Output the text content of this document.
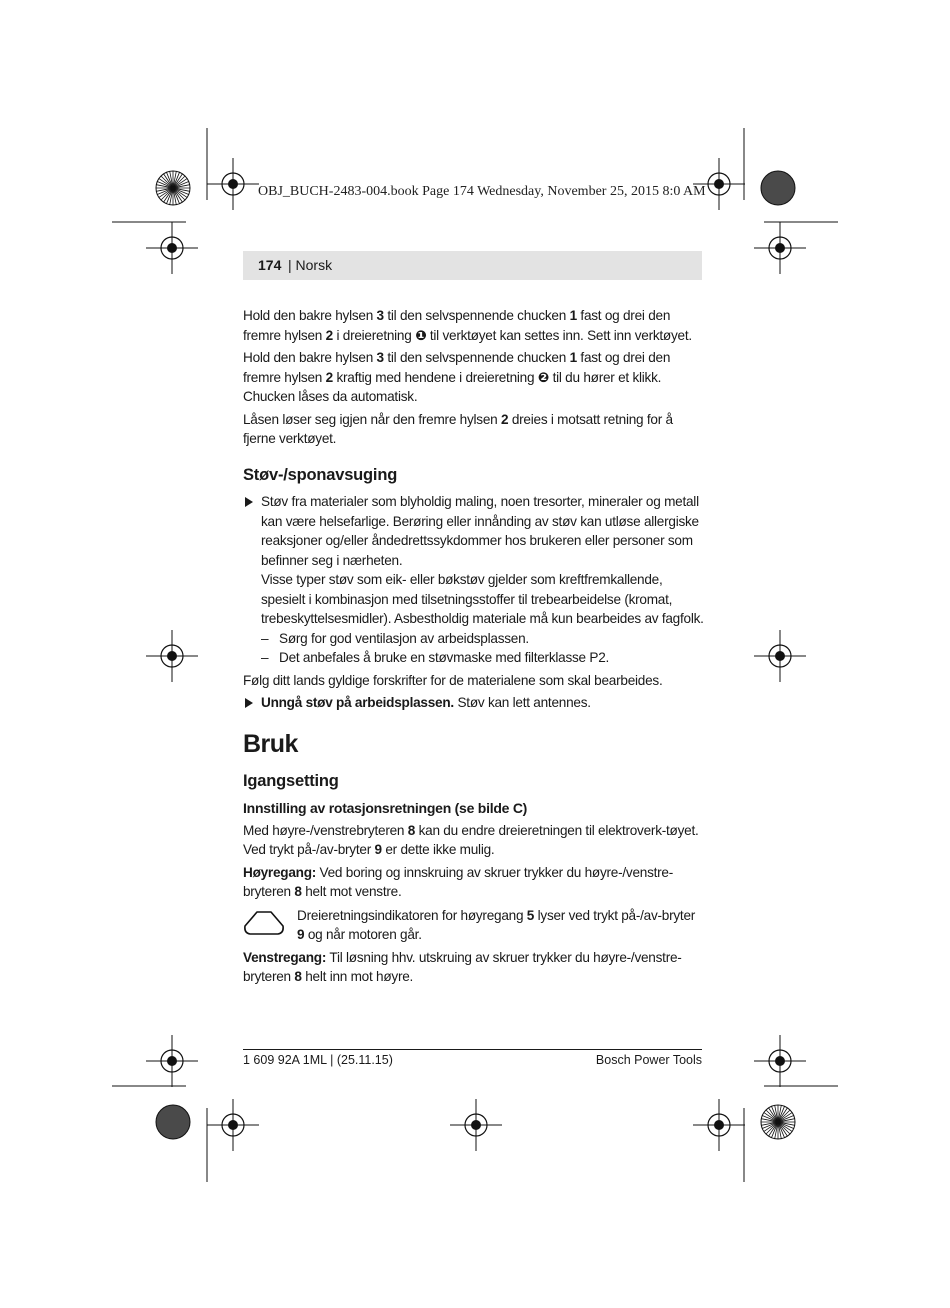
OBJ_BUCH-2483-004.book Page 174 Wednesday, November 25, 2015 8:0 AM
174 | Norsk

Hold den bakre hylsen 3 til den selvspennende chucken 1 fast og drei den fremre hylsen 2 i dreieretning ❶ til verktøyet kan settes inn. Sett inn verktøyet.

Hold den bakre hylsen 3 til den selvspennende chucken 1 fast og drei den fremre hylsen 2 kraftig med hendene i dreieretning ❷ til du hører et klikk. Chucken låses da automatisk.

Låsen løser seg igjen når den fremre hylsen 2 dreies i motsatt retning for å fjerne verktøyet.

Støv-/sponavsuging
Støv fra materialer som blyholdig maling, noen tresorter, mineraler og metall kan være helsefarlige. Berøring eller innånding av støv kan utløse allergiske reaksjoner og/eller åndedrettssykdommer hos brukeren eller personer som befinner seg i nærheten.
Visse typer støv som eik- eller bøkstøv gjelder som kreftfremkallende, spesielt i kombinasjon med tilsetningsstoffer til trebearbeidelse (kromat, trebeskyttelsesmidler). Asbestholdig materiale må kun bearbeides av fagfolk.
– Sørg for god ventilasjon av arbeidsplassen.
– Det anbefales å bruke en støvmaske med filterklasse P2.

Følg ditt lands gyldige forskrifter for de materialene som skal bearbeides.

Unngå støv på arbeidsplassen. Støv kan lett antennes.
Bruk
Igangsetting
Innstilling av rotasjonsretningen (se bilde C)

Med høyre-/venstrebryteren 8 kan du endre dreieretningen til elektroverk-tøyet. Ved trykt på-/av-bryter 9 er dette ikke mulig.

Høyregang: Ved boring og innskruing av skruer trykker du høyre-/venstre-bryteren 8 helt mot venstre.

Dreieretningsindikatoren for høyregang 5 lyser ved trykt på-/av-bryter 9 og når motoren går.

Venstregang: Til løsning hhv. utskruing av skruer trykker du høyre-/venstre-bryteren 8 helt inn mot høyre.

1 609 92A 1ML | (25.11.15)	Bosch Power Tools
